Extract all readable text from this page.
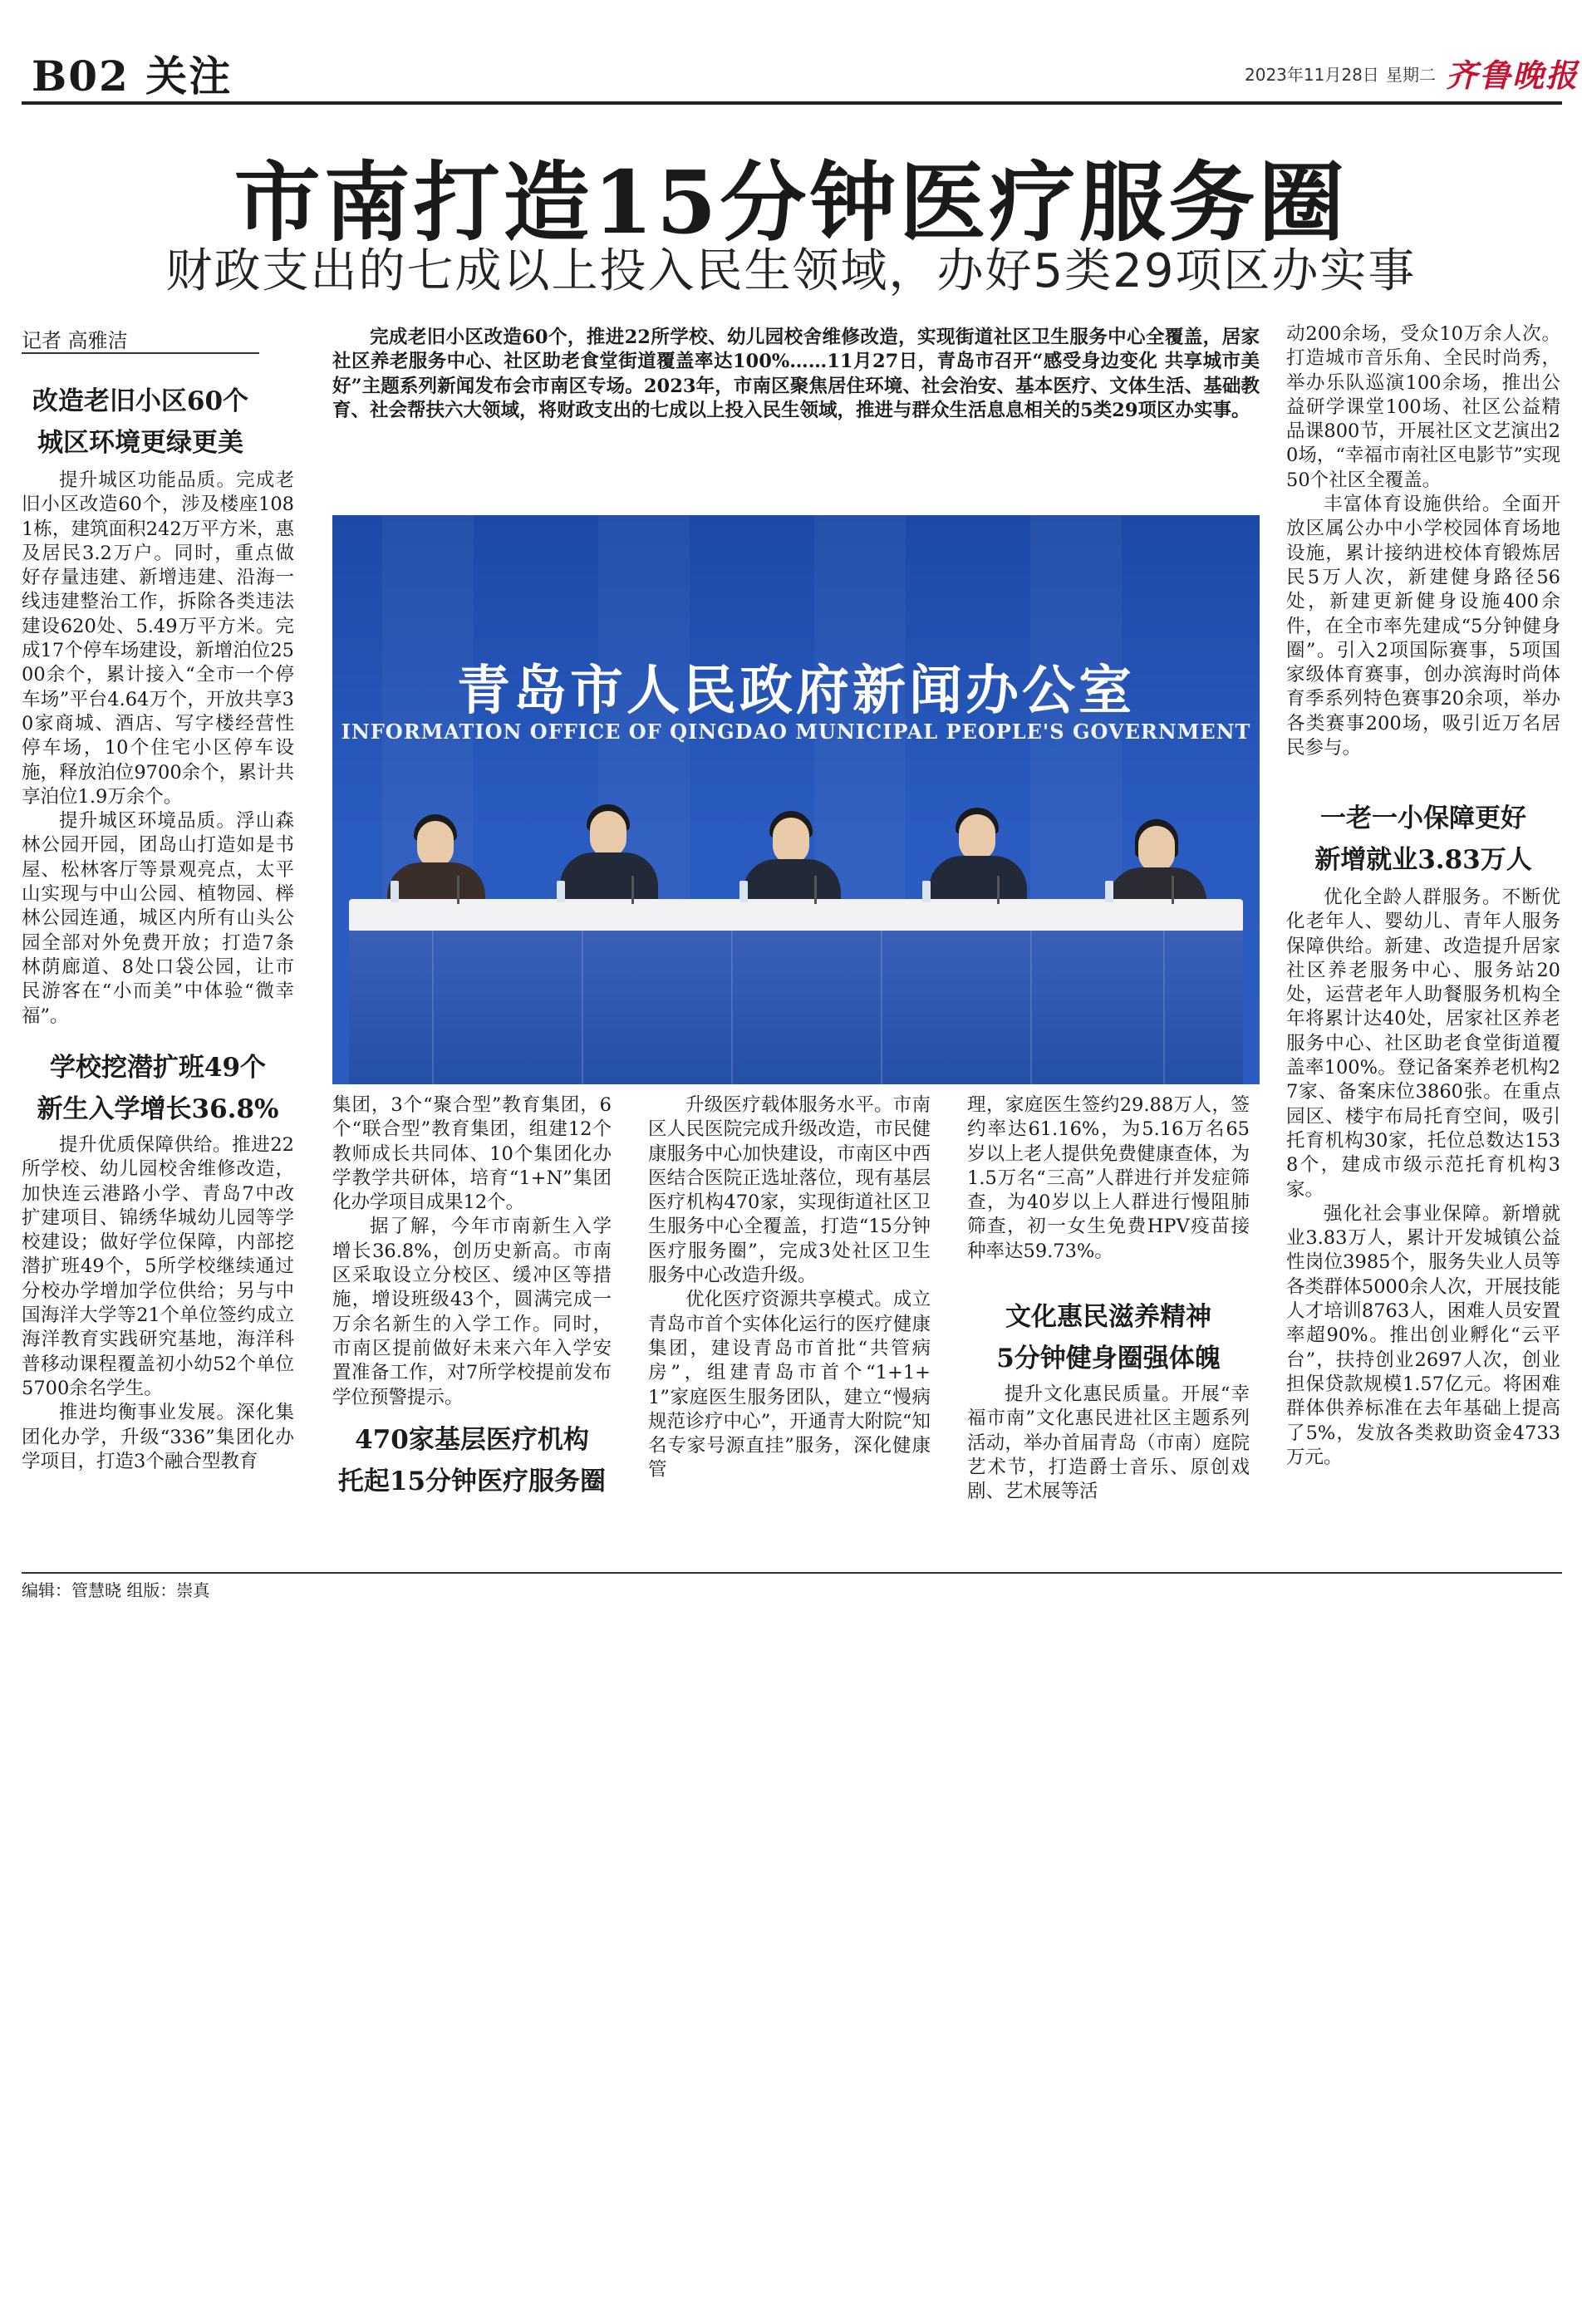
B02 关注	2023年11月28日 星期二 齐鲁晚报
市南打造15分钟医疗服务圈
财政支出的七成以上投入民生领域，办好5类29项区办实事
记者 高雅洁	完成老旧小区改造60个，推进22所学校、幼儿园校舍维修改造，实现街道社区卫生服务中心全覆盖，居家社区养老服务中心、社区助老食堂街道覆盖率达100%……11月27日，青岛市召开“感受身边变化 共享城市美好”主题系列新闻发布会市南区专场。2023年，市南区聚焦居住环境、社会治安、基本医疗、文体生活、基础教育、社会帮扶六大领域，将财政支出的七成以上投入民生领域，推进与群众生活息息相关的5类29项区办实事。

青岛市人民政府新闻办公室
INFORMATION OFFICE OF QINGDAO MUNICIPAL PEOPLE'S GOVERNMENT
改造老旧小区60个
城区环境更绿更美

提升城区功能品质。完成老旧小区改造60个，涉及楼座1081栋，建筑面积242万平方米，惠及居民3.2万户。同时，重点做好存量违建、新增违建、沿海一线违建整治工作，拆除各类违法建设620处、5.49万平方米。完成17个停车场建设，新增泊位2500余个，累计接入“全市一个停车场”平台4.64万个，开放共享30家商城、酒店、写字楼经营性停车场，10个住宅小区停车设施，释放泊位9700余个，累计共享泊位1.9万余个。

提升城区环境品质。浮山森林公园开园，团岛山打造如是书屋、松林客厅等景观亮点，太平山实现与中山公园、植物园、榉林公园连通，城区内所有山头公园全部对外免费开放；打造7条林荫廊道、8处口袋公园，让市民游客在“小而美”中体验“微幸福”。

学校挖潜扩班49个
新生入学增长36.8%

提升优质保障供给。推进22所学校、幼儿园校舍维修改造，加快连云港路小学、青岛7中改扩建项目、锦绣华城幼儿园等学校建设；做好学位保障，内部挖潜扩班49个，5所学校继续通过分校办学增加学位供给；另与中国海洋大学等21个单位签约成立海洋教育实践研究基地，海洋科普移动课程覆盖初小幼52个单位5700余名学生。

推进均衡事业发展。深化集团化办学，升级“336”集团化办学项目，打造3个融合型教育

集团，3个“聚合型”教育集团，6个“联合型”教育集团，组建12个教师成长共同体、10个集团化办学教学共研体，培育“1+N”集团化办学项目成果12个。

据了解，今年市南新生入学增长36.8%，创历史新高。市南区采取设立分校区、缓冲区等措施，增设班级43个，圆满完成一万余名新生的入学工作。同时，市南区提前做好未来六年入学安置准备工作，对7所学校提前发布学位预警提示。

470家基层医疗机构
托起15分钟医疗服务圈

升级医疗载体服务水平。市南区人民医院完成升级改造，市民健康服务中心加快建设，市南区中西医结合医院正选址落位，现有基层医疗机构470家，实现街道社区卫生服务中心全覆盖，打造“15分钟医疗服务圈”，完成3处社区卫生服务中心改造升级。

优化医疗资源共享模式。成立青岛市首个实体化运行的医疗健康集团，建设青岛市首批“共管病房”，组建青岛市首个“1+1+1”家庭医生服务团队，建立“慢病规范诊疗中心”，开通青大附院“知名专家号源直挂”服务，深化健康管

理，家庭医生签约29.88万人，签约率达61.16%，为5.16万名65岁以上老人提供免费健康查体，为1.5万名“三高”人群进行并发症筛查，为40岁以上人群进行慢阻肺筛查，初一女生免费HPV疫苗接种率达59.73%。

文化惠民滋养精神
5分钟健身圈强体魄

提升文化惠民质量。开展“幸福市南”文化惠民进社区主题系列活动，举办首届青岛（市南）庭院艺术节，打造爵士音乐、原创戏剧、艺术展等活

动200余场，受众10万余人次。打造城市音乐角、全民时尚秀，举办乐队巡演100余场，推出公益研学课堂100场、社区公益精品课800节，开展社区文艺演出20场，“幸福市南社区电影节”实现50个社区全覆盖。

丰富体育设施供给。全面开放区属公办中小学校园体育场地设施，累计接纳进校体育锻炼居民5万人次，新建健身路径56处，新建更新健身设施400余件，在全市率先建成“5分钟健身圈”。引入2项国际赛事，5项国家级体育赛事，创办滨海时尚体育季系列特色赛事20余项，举办各类赛事200场，吸引近万名居民参与。

一老一小保障更好
新增就业3.83万人

优化全龄人群服务。不断优化老年人、婴幼儿、青年人服务保障供给。新建、改造提升居家社区养老服务中心、服务站20处，运营老年人助餐服务机构全年将累计达40处，居家社区养老服务中心、社区助老食堂街道覆盖率100%。登记备案养老机构27家、备案床位3860张。在重点园区、楼宇布局托育空间，吸引托育机构30家，托位总数达1538个，建成市级示范托育机构3家。

强化社会事业保障。新增就业3.83万人，累计开发城镇公益性岗位3985个，服务失业人员等各类群体5000余人次，开展技能人才培训8763人，困难人员安置率超90%。推出创业孵化“云平台”，扶持创业2697人次，创业担保贷款规模1.57亿元。将困难群体供养标准在去年基础上提高了5%，发放各类救助资金4733万元。

编辑：管慧晓 组版：崇真
